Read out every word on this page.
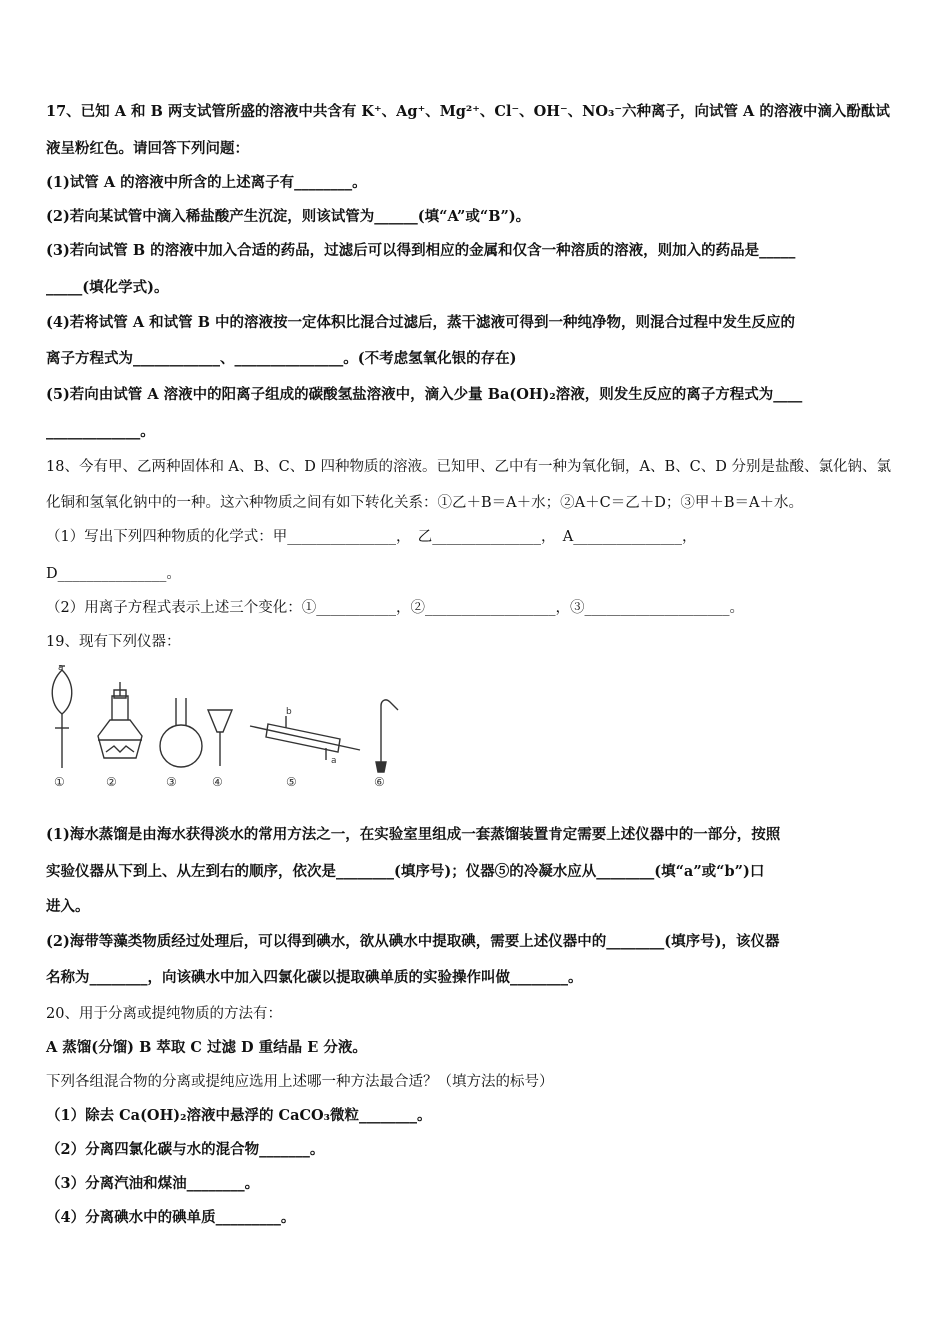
17、已知 A 和 B 两支试管所盛的溶液中共含有 K⁺、Ag⁺、Mg²⁺、Cl⁻、OH⁻、NO₃⁻六种离子，向试管 A 的溶液中滴入酚酞试
液呈粉红色。请回答下列问题：
(1)试管 A 的溶液中所含的上述离子有________。
(2)若向某试管中滴入稀盐酸产生沉淀，则该试管为______(填“A”或“B”)。
(3)若向试管 B 的溶液中加入合适的药品，过滤后可以得到相应的金属和仅含一种溶质的溶液，则加入的药品是_____
_____(填化学式)。
(4)若将试管 A 和试管 B 中的溶液按一定体积比混合过滤后，蒸干滤液可得到一种纯净物，则混合过程中发生反应的
离子方程式为____________、_______________。(不考虑氢氧化银的存在)
(5)若向由试管 A 溶液中的阳离子组成的碳酸氢盐溶液中，滴入少量 Ba(OH)₂溶液，则发生反应的离子方程式为____
_____________。
18、今有甲、乙两种固体和 A、B、C、D 四种物质的溶液。已知甲、乙中有一种为氧化铜，A、B、C、D 分别是盐酸、氯化钠、氯
化铜和氢氧化钠中的一种。这六种物质之间有如下转化关系：①乙＋B＝A＋水；②A＋C＝乙＋D；③甲＋B＝A＋水。
（1）写出下列四种物质的化学式：甲_______________，　乙_______________，　A_______________，
D_______________。
（2）用离子方程式表示上述三个变化：①___________，②__________________，③____________________。
19、现有下列仪器：
a
b
a
①	②	③	④	⑤	⑥
(1)海水蒸馏是由海水获得淡水的常用方法之一，在实验室里组成一套蒸馏装置肯定需要上述仪器中的一部分，按照
实验仪器从下到上、从左到右的顺序，依次是________(填序号)；仪器⑤的冷凝水应从________(填“a”或“b”)口
进入。
(2)海带等藻类物质经过处理后，可以得到碘水，欲从碘水中提取碘，需要上述仪器中的________(填序号)，该仪器
名称为________，向该碘水中加入四氯化碳以提取碘单质的实验操作叫做________。
20、用于分离或提纯物质的方法有：
A 蒸馏(分馏) B 萃取 C 过滤 D 重结晶 E 分液。
下列各组混合物的分离或提纯应选用上述哪一种方法最合适？（填方法的标号）
（1）除去 Ca(OH)₂溶液中悬浮的 CaCO₃微粒________。
（2）分离四氯化碳与水的混合物_______。
（3）分离汽油和煤油________。
（4）分离碘水中的碘单质_________。
